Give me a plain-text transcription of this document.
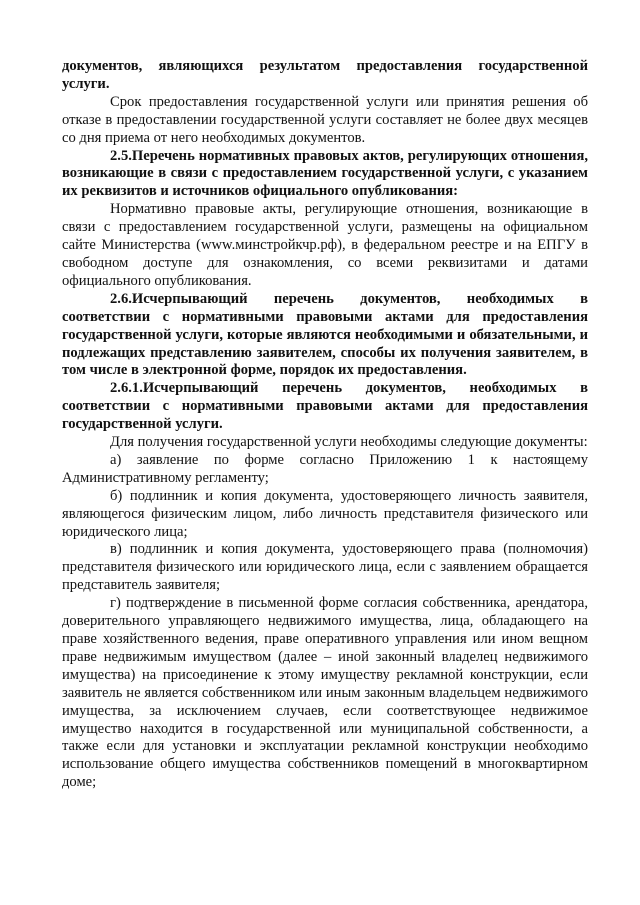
документов, являющихся результатом предоставления государственной услуги.

Срок предоставления государственной услуги или принятия решения об отказе в предоставлении государственной услуги составляет не более двух месяцев со дня приема от него необходимых документов.

2.5.Перечень нормативных правовых актов, регулирующих отношения, возникающие в связи с предоставлением государственной услуги, с указанием их реквизитов и источников официального опубликования:

Нормативно правовые акты, регулирующие отношения, возникающие в связи с предоставлением государственной услуги, размещены на официальном сайте Министерства (www.минстройкчр.рф), в федеральном реестре и на ЕПГУ в свободном доступе для ознакомления, со всеми реквизитами и датами официального опубликования.

2.6.Исчерпывающий перечень документов, необходимых в соответствии с нормативными правовыми актами для предоставления государственной услуги, которые являются необходимыми и обязательными, и подлежащих представлению заявителем, способы их получения заявителем, в том числе в электронной форме, порядок их предоставления.

2.6.1.Исчерпывающий перечень документов, необходимых в соответствии с нормативными правовыми актами для предоставления государственной услуги.

Для получения государственной услуги необходимы следующие документы:

а) заявление по форме согласно Приложению 1 к настоящему Административному регламенту;

б) подлинник и копия документа, удостоверяющего личность заявителя, являющегося физическим лицом, либо личность представителя физического или юридического лица;

в) подлинник и копия документа, удостоверяющего права (полномочия) представителя физического или юридического лица, если с заявлением обращается представитель заявителя;

г) подтверждение в письменной форме согласия собственника, арендатора, доверительного управляющего недвижимого имущества, лица, обладающего на праве хозяйственного ведения, праве оперативного управления или ином вещном праве недвижимым имуществом (далее – иной законный владелец недвижимого имущества) на присоединение к этому имуществу рекламной конструкции, если заявитель не является собственником или иным законным владельцем недвижимого имущества, за исключением случаев, если соответствующее недвижимое имущество находится в государственной или муниципальной собственности, а также если для установки и эксплуатации рекламной конструкции необходимо использование общего имущества собственников помещений в многоквартирном доме;
